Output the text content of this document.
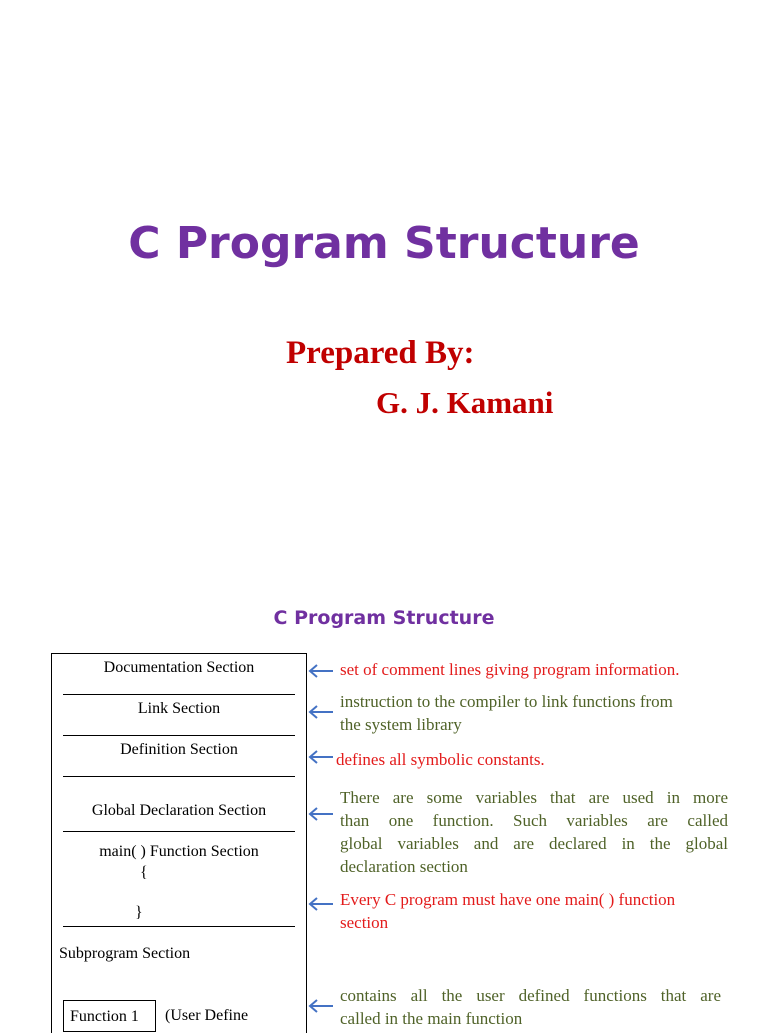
C Program Structure
Prepared By:
G. J. Kamani
C Program Structure
Documentation Section
Link Section
Definition Section
Global Declaration Section
main( ) Function Section
{
}
Subprogram Section
Function 1 (User Define
set of comment lines giving program information.
instruction to the compiler to link functions from
the system library
defines all symbolic constants.
There are some variables that are used in more
than one function. Such variables are called
global variables and are declared in the global
declaration section
Every C program must have one main( ) function
section
contains all the user defined functions that are
called in the main function
